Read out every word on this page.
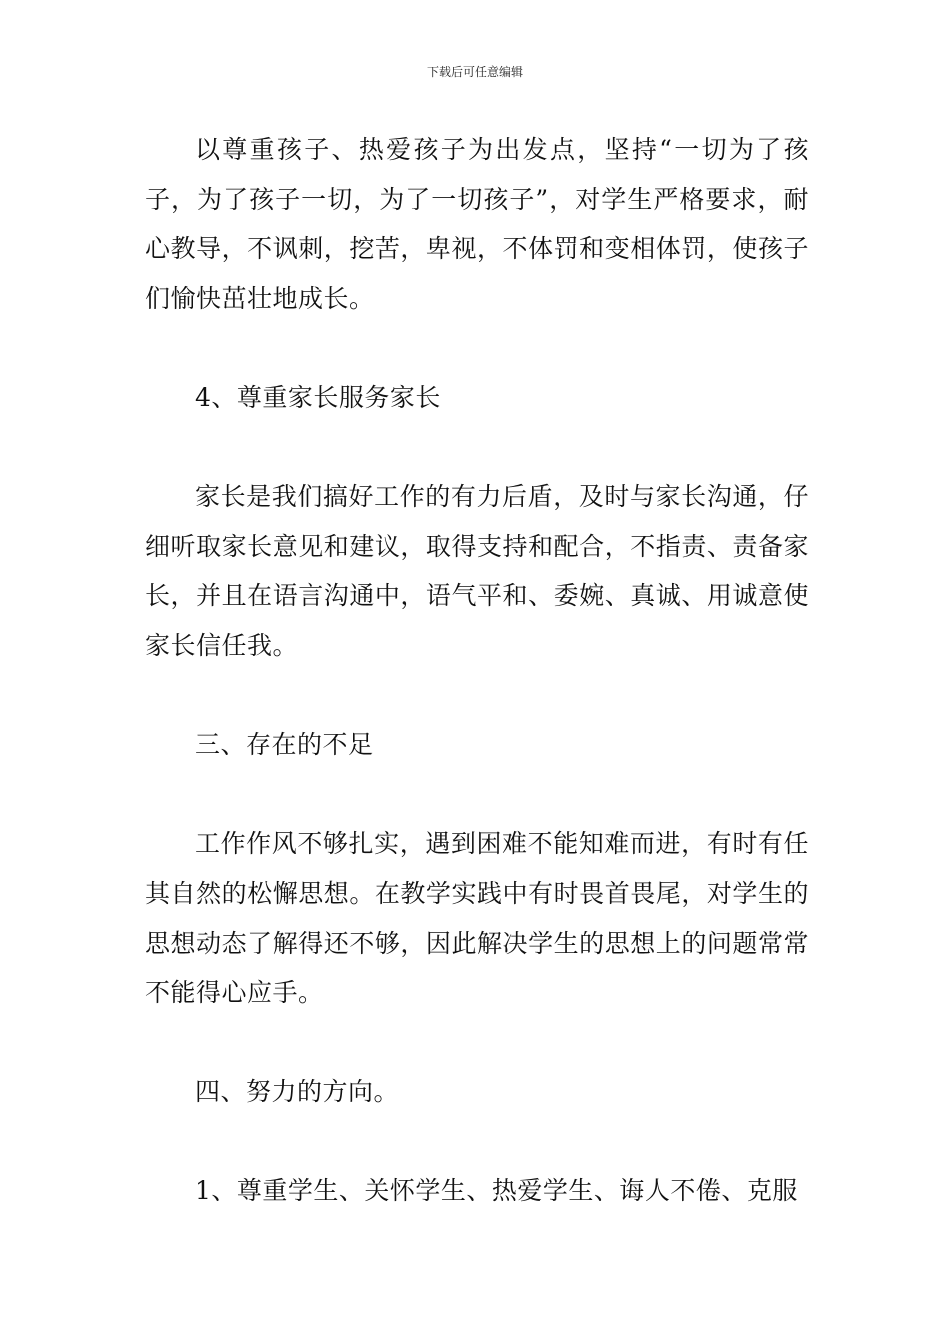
下载后可任意编辑

以尊重孩子、热爱孩子为出发点，坚持“一切为了孩子，为了孩子一切，为了一切孩子”，对学生严格要求，耐心教导，不讽刺，挖苦，卑视，不体罚和变相体罚，使孩子们愉快茁壮地成长。

4、尊重家长服务家长

家长是我们搞好工作的有力后盾，及时与家长沟通，仔细听取家长意见和建议，取得支持和配合，不指责、责备家长，并且在语言沟通中，语气平和、委婉、真诚、用诚意使家长信任我。

三、存在的不足

工作作风不够扎实，遇到困难不能知难而进，有时有任其自然的松懈思想。在教学实践中有时畏首畏尾，对学生的思想动态了解得还不够，因此解决学生的思想上的问题常常不能得心应手。

四、努力的方向。

1、尊重学生、关怀学生、热爱学生、诲人不倦、克服
